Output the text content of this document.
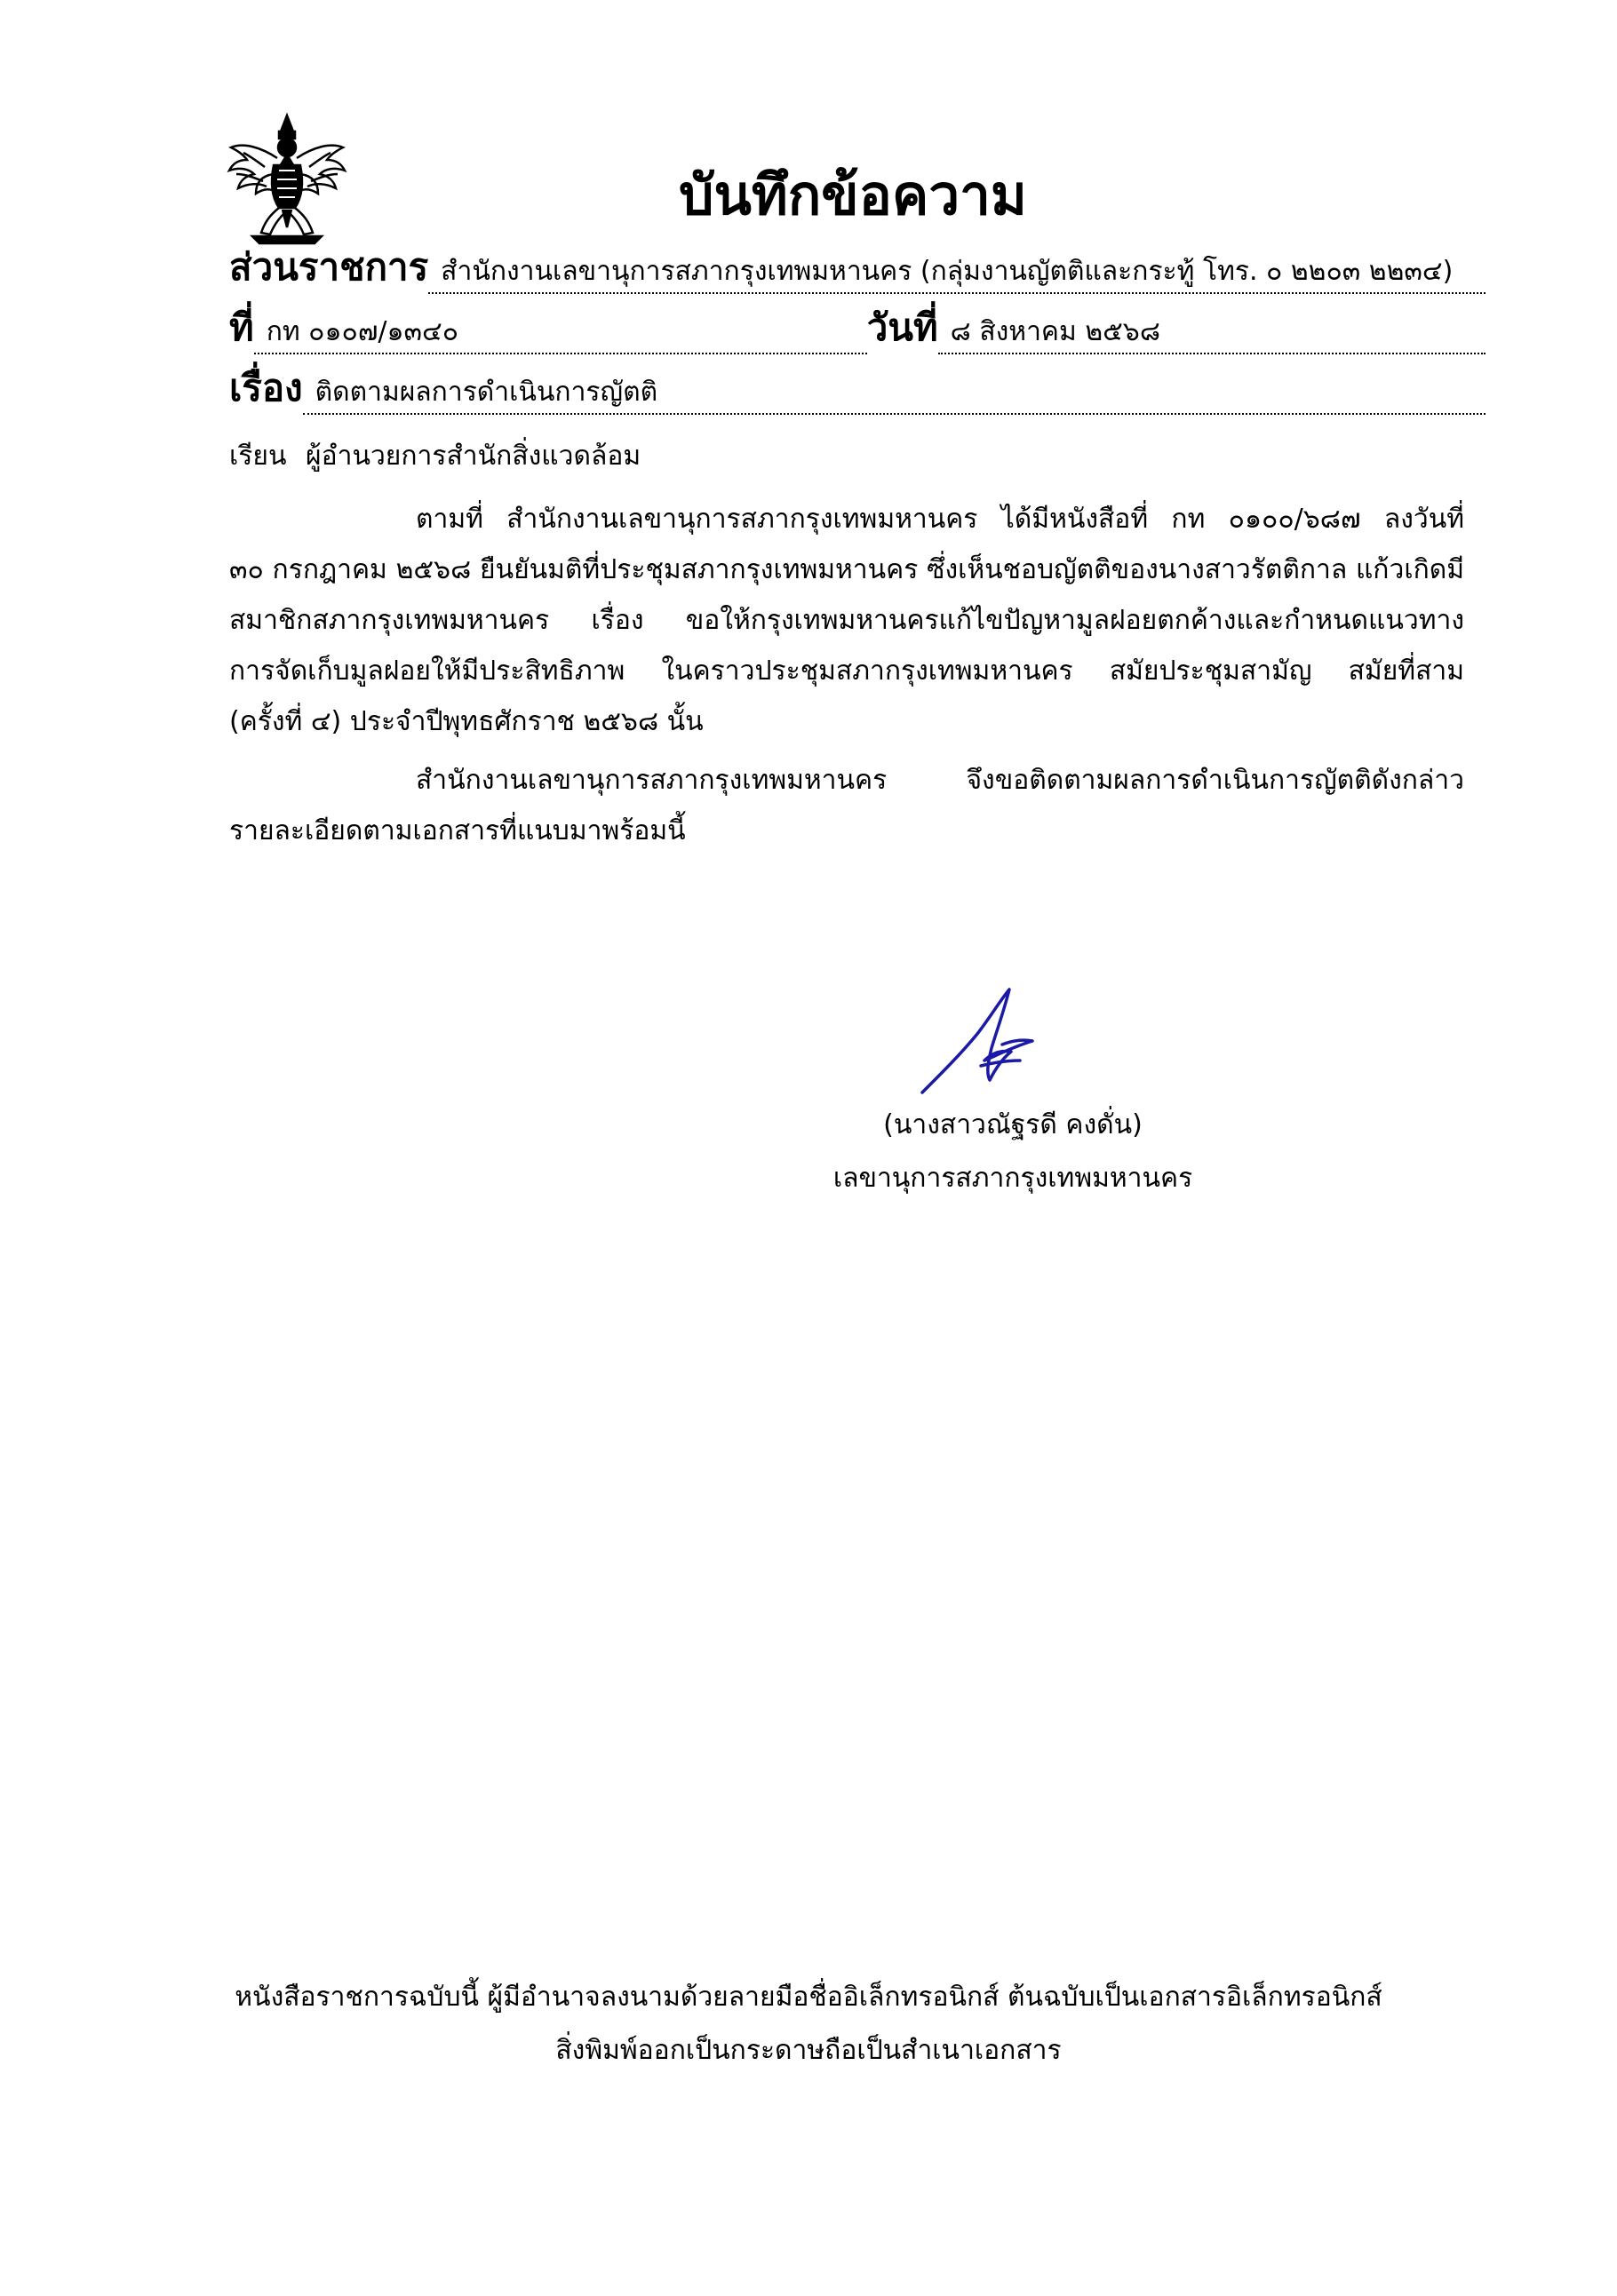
บันทึกข้อความ
ส่วนราชการ สำนักงานเลขานุการสภากรุงเทพมหานคร (กลุ่มงานญัตติและกระทู้ โทร. ๐ ๒๒๐๓ ๒๒๓๔)
ที่ กท ๐๑๐๗/๑๓๔๐	วันที่ ๘ สิงหาคม ๒๕๖๘
เรื่อง ติดตามผลการดำเนินการญัตติ
เรียน ผู้อำนวยการสำนักสิ่งแวดล้อม
ตามที่ สำนักงานเลขานุการสภากรุงเทพมหานคร ได้มีหนังสือที่ กท ๐๑๐๐/๖๘๗ ลงวันที่
๓๐ กรกฎาคม ๒๕๖๘ ยืนยันมติที่ประชุมสภากรุงเทพมหานคร ซึ่งเห็นชอบญัตติของนางสาวรัตติกาล แก้วเกิดมี
สมาชิกสภากรุงเทพมหานคร เรื่อง ขอให้กรุงเทพมหานครแก้ไขปัญหามูลฝอยตกค้างและกำหนดแนวทาง
การจัดเก็บมูลฝอยให้มีประสิทธิภาพ ในคราวประชุมสภากรุงเทพมหานคร สมัยประชุมสามัญ สมัยที่สาม
(ครั้งที่ ๔) ประจำปีพุทธศักราช ๒๕๖๘ นั้น
สำนักงานเลขานุการสภากรุงเทพมหานคร จึงขอติดตามผลการดำเนินการญัตติดังกล่าว
รายละเอียดตามเอกสารที่แนบมาพร้อมนี้
(นางสาวณัฐรดี คงดั่น)
เลขานุการสภากรุงเทพมหานคร
หนังสือราชการฉบับนี้ ผู้มีอำนาจลงนามด้วยลายมือชื่ออิเล็กทรอนิกส์ ต้นฉบับเป็นเอกสารอิเล็กทรอนิกส์
สิ่งพิมพ์ออกเป็นกระดาษถือเป็นสำเนาเอกสาร
